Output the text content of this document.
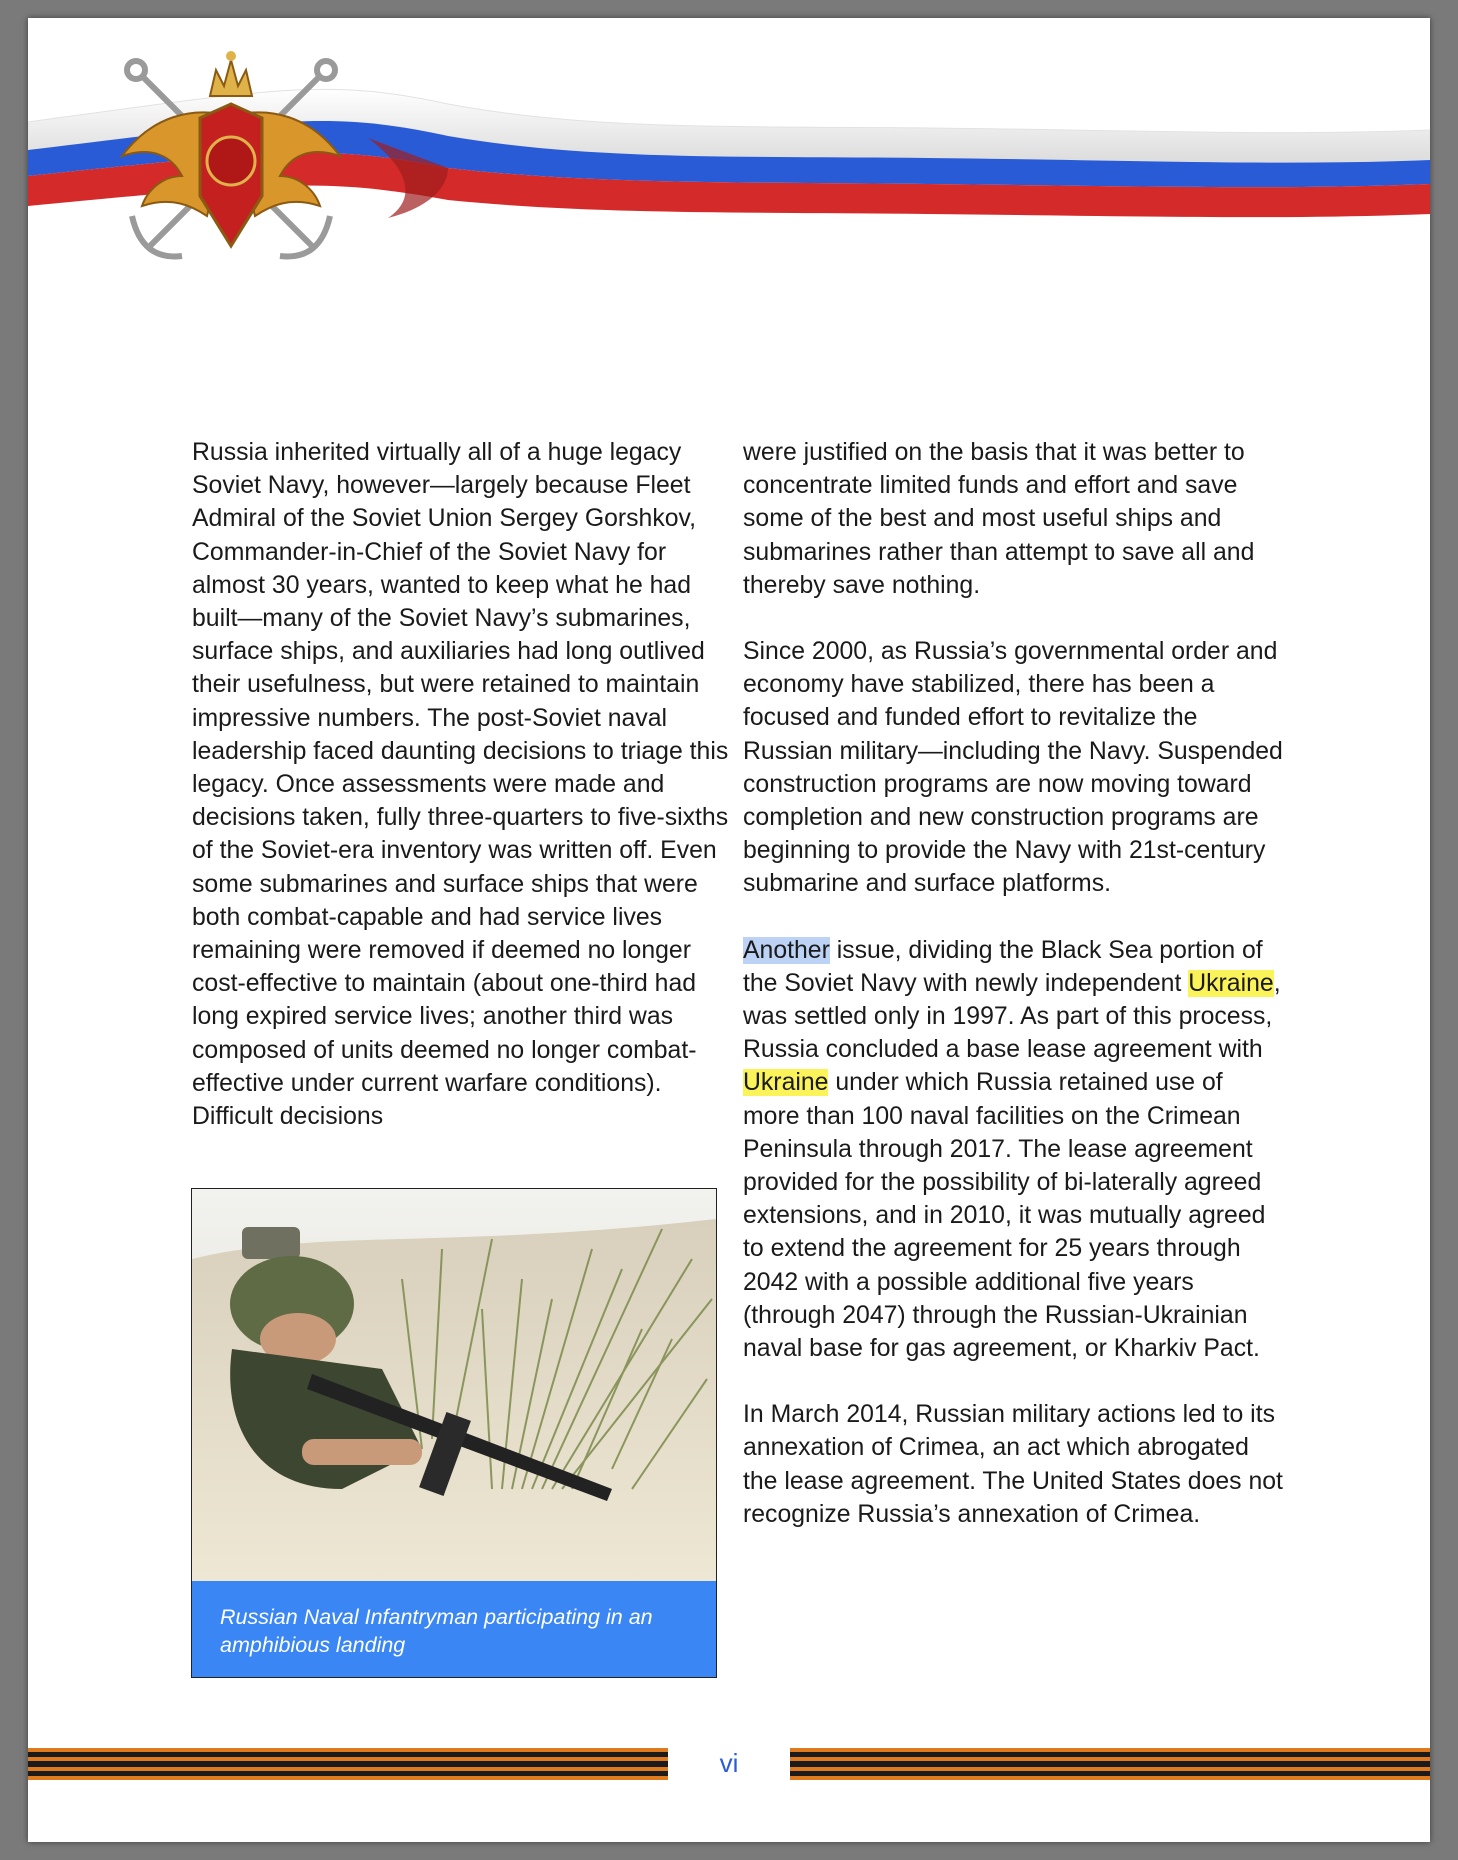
Russia inherited virtually all of a huge legacy Soviet Navy, however—largely because Fleet Admiral of the Soviet Union Sergey Gorshkov, Commander-in-Chief of the Soviet Navy for almost 30 years, wanted to keep what he had built—many of the Soviet Navy’s submarines, surface ships, and auxiliaries had long outlived their usefulness, but were retained to maintain impressive numbers. The post-Soviet naval leadership faced daunting decisions to triage this legacy. Once assessments were made and decisions taken, fully three-quarters to five-sixths of the Soviet-era inventory was written off. Even some submarines and surface ships that were both combat-capable and had service lives remaining were removed if deemed no longer cost-effective to maintain (about one-third had long expired service lives; another third was composed of units deemed no longer combat-effective under current warfare conditions). Difficult decisions

were justified on the basis that it was better to concentrate limited funds and effort and save some of the best and most useful ships and submarines rather than attempt to save all and thereby save nothing.

Since 2000, as Russia’s governmental order and economy have stabilized, there has been a focused and funded effort to revitalize the Russian military—including the Navy. Suspended construction programs are now moving toward completion and new construction programs are beginning to provide the Navy with 21st-century submarine and surface platforms.

Another issue, dividing the Black Sea portion of the Soviet Navy with newly independent Ukraine, was settled only in 1997. As part of this process, Russia concluded a base lease agreement with Ukraine under which Russia retained use of more than 100 naval facilities on the Crimean Peninsula through 2017. The lease agreement provided for the possibility of bi-laterally agreed extensions, and in 2010, it was mutually agreed to extend the agreement for 25 years through 2042 with a possible additional five years (through 2047) through the Russian-Ukrainian naval base for gas agreement, or Kharkiv Pact.

In March 2014, Russian military actions led to its annexation of Crimea, an act which abrogated the lease agreement. The United States does not recognize Russia’s annexation of Crimea.

Russian Naval Infantryman participating in an amphibious landing
vi
